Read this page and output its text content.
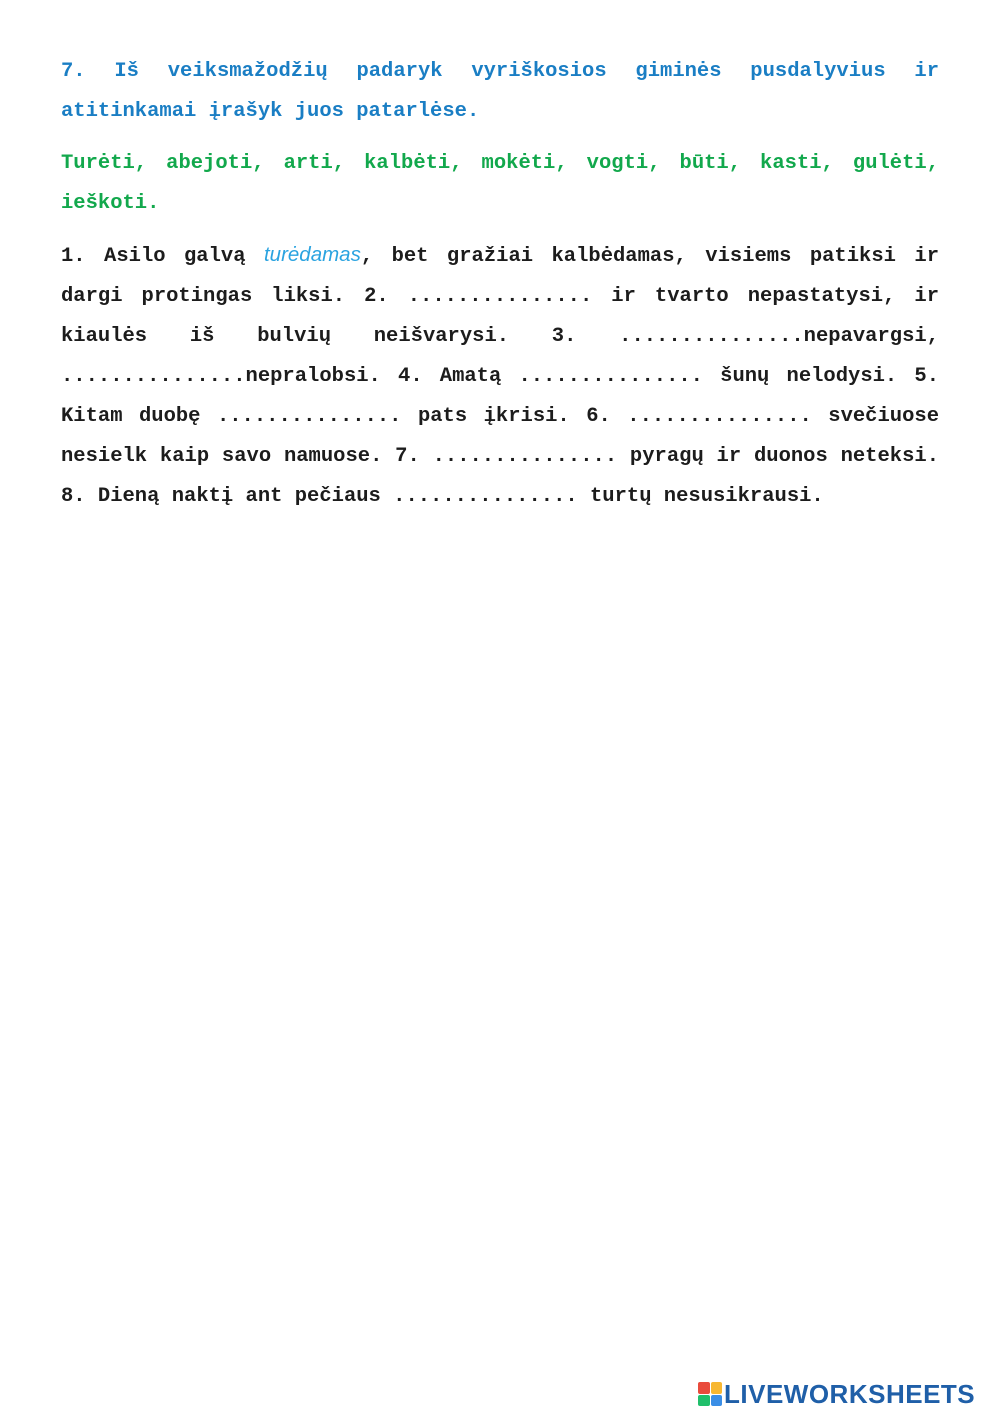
7. Iš veiksmažodžių padaryk vyriškosios giminės pusdalyvius ir atitinkamai įrašyk juos patarlėse.

Turėti, abejoti, arti, kalbėti, mokėti, vogti, būti, kasti, gulėti, ieškoti.

1. Asilo galvą turėdamas, bet gražiai kalbėdamas, visiems patiksi ir dargi protingas liksi. 2. ............... ir tvarto nepastatysi, ir kiaulės iš bulvių neišvarysi. 3. ...............nepavargsi, ...............nepralobsi. 4. Amatą ............... šunų nelodysi. 5. Kitam duobę ............... pats įkrisi. 6. ............... svečiuose nesielk kaip savo namuose. 7. ............... pyragų ir duonos neteksi. 8. Dieną naktį ant pečiaus ............... turtų nesusikrausi.

LIVEWORKSHEETS
